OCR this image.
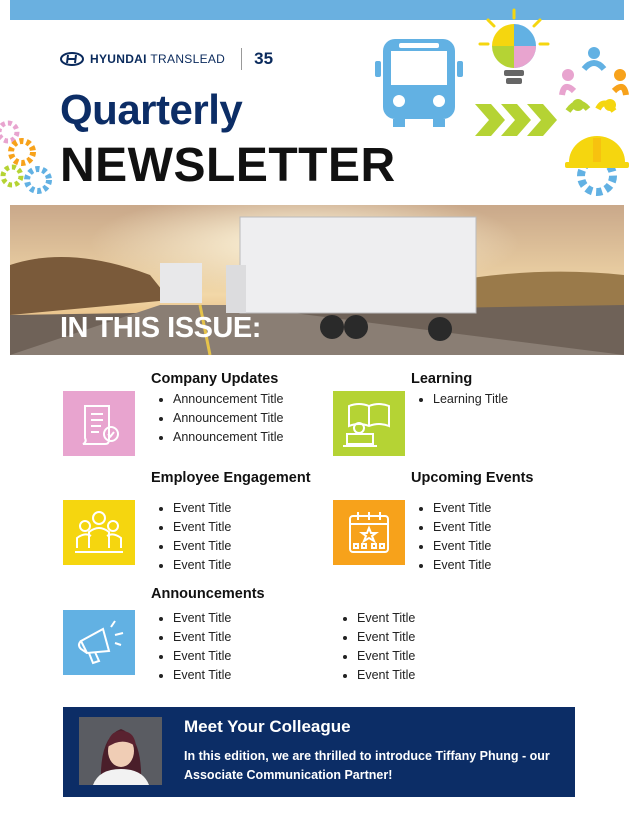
HYUNDAI TRANSLEAD 35
Quarterly
NEWSLETTER
IN THIS ISSUE:
Company Updates
• Announcement Title
• Announcement Title
• Announcement Title
Learning
• Learning Title
Employee Engagement
• Event Title
• Event Title
• Event Title
• Event Title
Upcoming Events
• Event Title
• Event Title
• Event Title
• Event Title
Announcements
• Event Title
• Event Title
• Event Title
• Event Title
• Event Title
• Event Title
• Event Title
• Event Title
Meet Your Colleague
In this edition, we are thrilled to introduce Tiffany Phung - our Associate Communication Partner!
